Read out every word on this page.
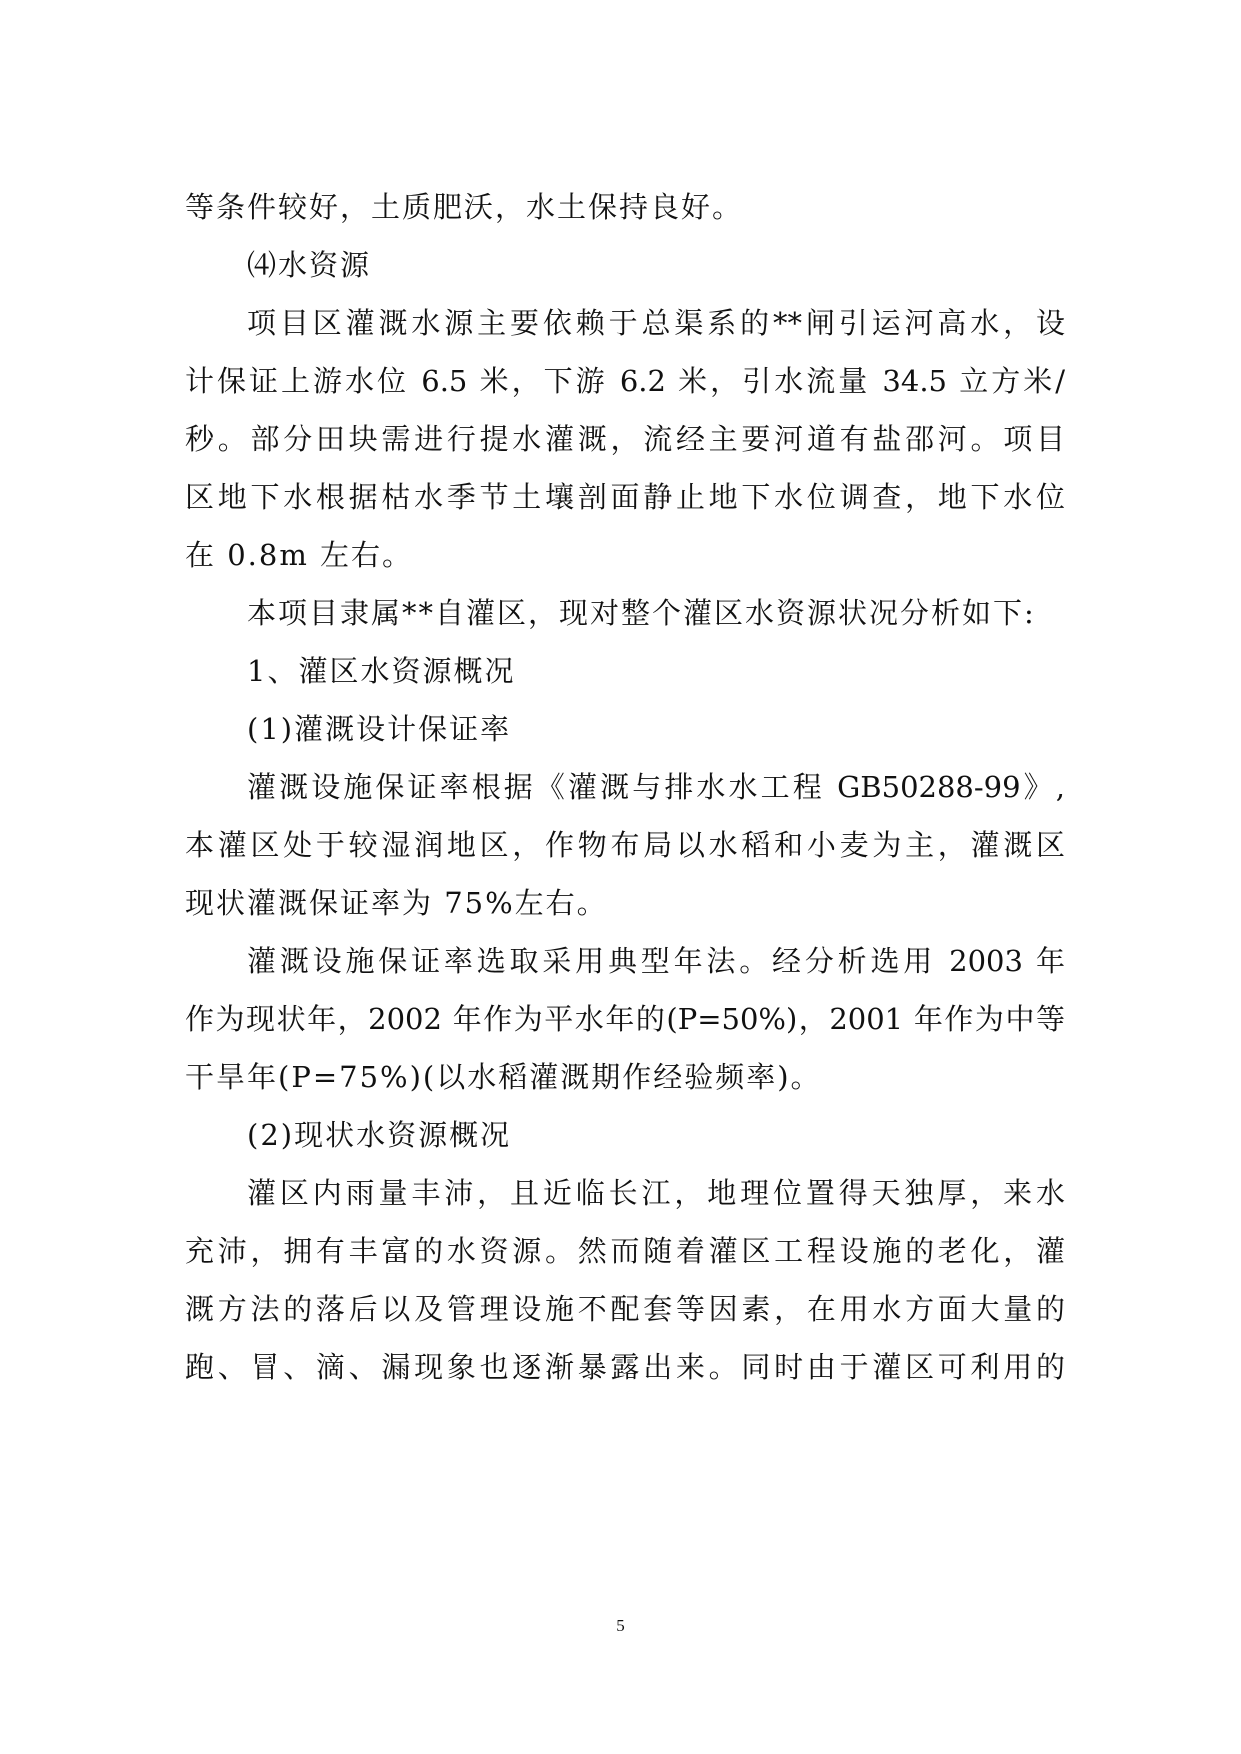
等条件较好，土质肥沃，水土保持良好。
⑷水资源
项目区灌溉水源主要依赖于总渠系的**闸引运河高水，设
计保证上游水位 6.5 米，下游 6.2 米，引水流量 34.5 立方米/
秒。部分田块需进行提水灌溉，流经主要河道有盐邵河。项目
区地下水根据枯水季节土壤剖面静止地下水位调查，地下水位
在 0.8m 左右。
本项目隶属**自灌区，现对整个灌区水资源状况分析如下:
1、灌区水资源概况
(1)灌溉设计保证率
灌溉设施保证率根据《灌溉与排水水工程 GB50288-99》,
本灌区处于较湿润地区，作物布局以水稻和小麦为主，灌溉区
现状灌溉保证率为 75%左右。
灌溉设施保证率选取采用典型年法。经分析选用 2003 年
作为现状年，2002 年作为平水年的(P=50%)，2001 年作为中等
干旱年(P=75%)(以水稻灌溉期作经验频率)。
(2)现状水资源概况
灌区内雨量丰沛，且近临长江，地理位置得天独厚，来水
充沛，拥有丰富的水资源。然而随着灌区工程设施的老化，灌
溉方法的落后以及管理设施不配套等因素，在用水方面大量的
跑、冒、滴、漏现象也逐渐暴露出来。同时由于灌区可利用的
5
